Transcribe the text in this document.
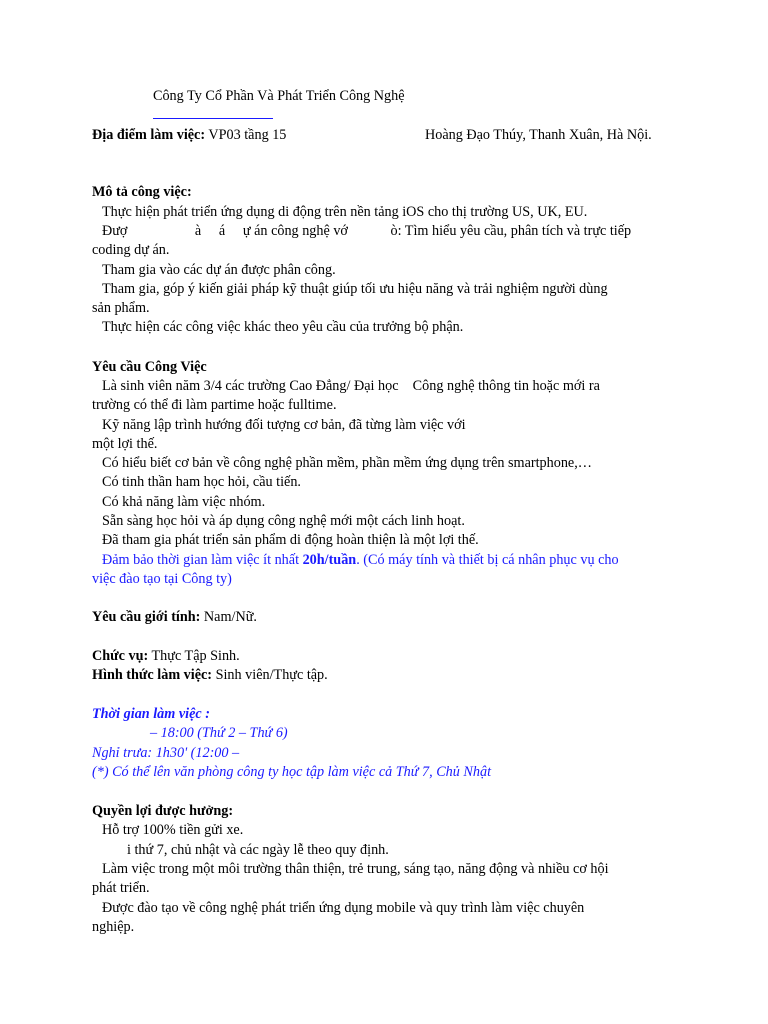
Công Ty Cổ Phần Và Phát Triển Công Nghệ
Địa điểm làm việc: VP03 tầng 15	Hoàng Đạo Thúy, Thanh Xuân, Hà Nội.
Mô tả công việc:
Thực hiện phát triển ứng dụng di động trên nền tảng iOS cho thị trường US, UK, EU.
Đượ                   à     á     ự án công nghệ vớ            ò: Tìm hiểu yêu cầu, phân tích và trực tiếp
coding dự án.
Tham gia vào các dự án được phân công.
Tham gia, góp ý kiến giải pháp kỹ thuật giúp tối ưu hiệu năng và trải nghiệm người dùng
sản phẩm.
Thực hiện các công việc khác theo yêu cầu của trưởng bộ phận.
Yêu cầu Công Việc
Là sinh viên năm 3/4 các trường Cao Đẳng/ Đại học    Công nghệ thông tin hoặc mới ra
trường có thể đi làm partime hoặc fulltime.
Kỹ năng lập trình hướng đối tượng cơ bản, đã từng làm việc với
một lợi thế.
Có hiểu biết cơ bản về công nghệ phần mềm, phần mềm ứng dụng trên smartphone,…
Có tinh thần ham học hỏi, cầu tiến.
Có khả năng làm việc nhóm.
Sẵn sàng học hỏi và áp dụng công nghệ mới một cách linh hoạt.
Đã tham gia phát triển sản phẩm di động hoàn thiện là một lợi thế.
Đảm bảo thời gian làm việc ít nhất 20h/tuần. (Có máy tính và thiết bị cá nhân phục vụ cho
việc đào tạo tại Công ty)
Yêu cầu giới tính: Nam/Nữ.
Chức vụ: Thực Tập Sinh.
Hình thức làm việc: Sinh viên/Thực tập.
Thời gian làm việc :
– 18:00 (Thứ 2 – Thứ 6)
Nghỉ trưa: 1h30' (12:00 –
(*) Có thể lên văn phòng công ty học tập làm việc cả Thứ 7, Chủ Nhật
Quyền lợi được hưởng:
Hỗ trợ 100% tiền gửi xe.
i thứ 7, chủ nhật và các ngày lễ theo quy định.
Làm việc trong một môi trường thân thiện, trẻ trung, sáng tạo, năng động và nhiều cơ hội
phát triển.
Được đào tạo về công nghệ phát triển ứng dụng mobile và quy trình làm việc chuyên
nghiệp.
